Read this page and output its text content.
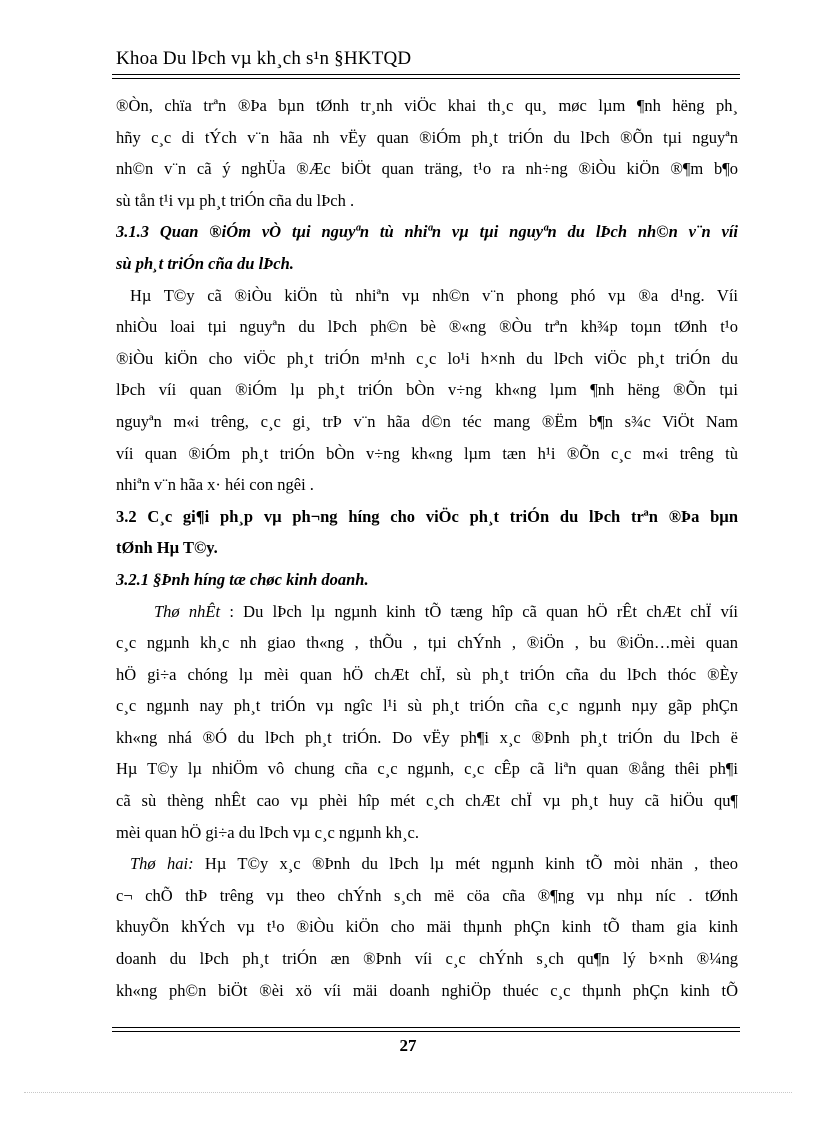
Khoa Du lÞch vµ kh¸ch s¹n §HKTQD
®Òn, chïa trªn ®Þa bµn tØnh tr¸nh viÖc khai th¸c qu¸ møc lµm ¶nh hëng ph¸
hñy c¸c di tÝch v¨n hãa nh vËy quan ®iÓm ph¸t triÓn du lÞch ®Õn tµi nguyªn
nh©n v¨n cã ý nghÜa ®Æc biÖt quan träng, t¹o ra nh÷ng ®iÒu kiÖn ®¶m b¶o
sù tån t¹i vµ ph¸t triÓn cña du lÞch .
3.1.3 Quan ®iÓm vÒ tµi nguyªn tù nhiªn vµ tµi nguyªn du lÞch nh©n v¨n víi
sù ph¸t triÓn cña du lÞch.
Hµ T©y cã ®iÒu kiÖn tù nhiªn vµ nh©n v¨n phong phó vµ ®a d¹ng. Víi
nhiÒu loai tµi nguyªn du lÞch ph©n bè ®«ng ®Òu trªn kh¾p toµn tØnh t¹o
®iÒu kiÖn cho viÖc ph¸t triÓn m¹nh c¸c lo¹i h×nh du lÞch viÖc ph¸t triÓn du
lÞch víi quan ®iÓm lµ ph¸t triÓn bÒn v÷ng kh«ng lµm ¶nh hëng ®Õn tµi
nguyªn m«i trêng, c¸c gi¸ trÞ v¨n hãa d©n téc mang ®Ëm b¶n s¾c ViÖt Nam
víi quan ®iÓm ph¸t triÓn bÒn v÷ng kh«ng lµm tæn h¹i ®Õn c¸c m«i trêng tù
nhiªn v¨n hãa x· héi con ngêi .
3.2 C¸c gi¶i ph¸p vµ ph¬ng híng cho viÖc ph¸t triÓn du lÞch trªn ®Þa bµn
tØnh Hµ T©y.
3.2.1 §Þnh híng tæ chøc kinh doanh.
Thø nhÊt : Du lÞch lµ ngµnh kinh tÕ tæng hîp cã quan hÖ rÊt chÆt chÏ víi
c¸c ngµnh kh¸c nh giao th«ng , thÕu , tµi chÝnh , ®iÖn , bu ®iÖn…mèi quan
hÖ gi÷a chóng lµ mèi quan hÖ chÆt chÏ, sù ph¸t triÓn cña du lÞch thóc ®Èy
c¸c ngµnh nay ph¸t triÓn vµ ngîc l¹i sù ph¸t triÓn cña c¸c ngµnh nµy gãp phÇn
kh«ng nhá ®Ó du lÞch ph¸t triÓn. Do vËy ph¶i x¸c ®Þnh ph¸t triÓn du lÞch ë
Hµ T©y lµ nhiÖm vô chung cña c¸c ngµnh, c¸c cÊp cã liªn quan ®ång thêi ph¶i
cã sù thèng nhÊt cao vµ phèi hîp mét c¸ch chÆt chÏ vµ ph¸t huy cã hiÖu qu¶
mèi quan hÖ gi÷a du lÞch vµ c¸c ngµnh kh¸c.
Thø hai: Hµ T©y x¸c ®Þnh du lÞch lµ mét ngµnh kinh tÕ mòi nhän , theo
c¬ chÕ thÞ trêng vµ theo chÝnh s¸ch më cöa cña ®¶ng vµ nhµ níc . tØnh
khuyÕn khÝch vµ t¹o ®iÒu kiÖn cho mäi thµnh phÇn kinh tÕ tham gia kinh
doanh du lÞch ph¸t triÓn æn ®Þnh víi c¸c chÝnh s¸ch qu¶n lý b×nh ®¼ng
kh«ng ph©n biÖt ®èi xö víi mäi doanh nghiÖp thuéc c¸c thµnh phÇn kinh tÕ
27
